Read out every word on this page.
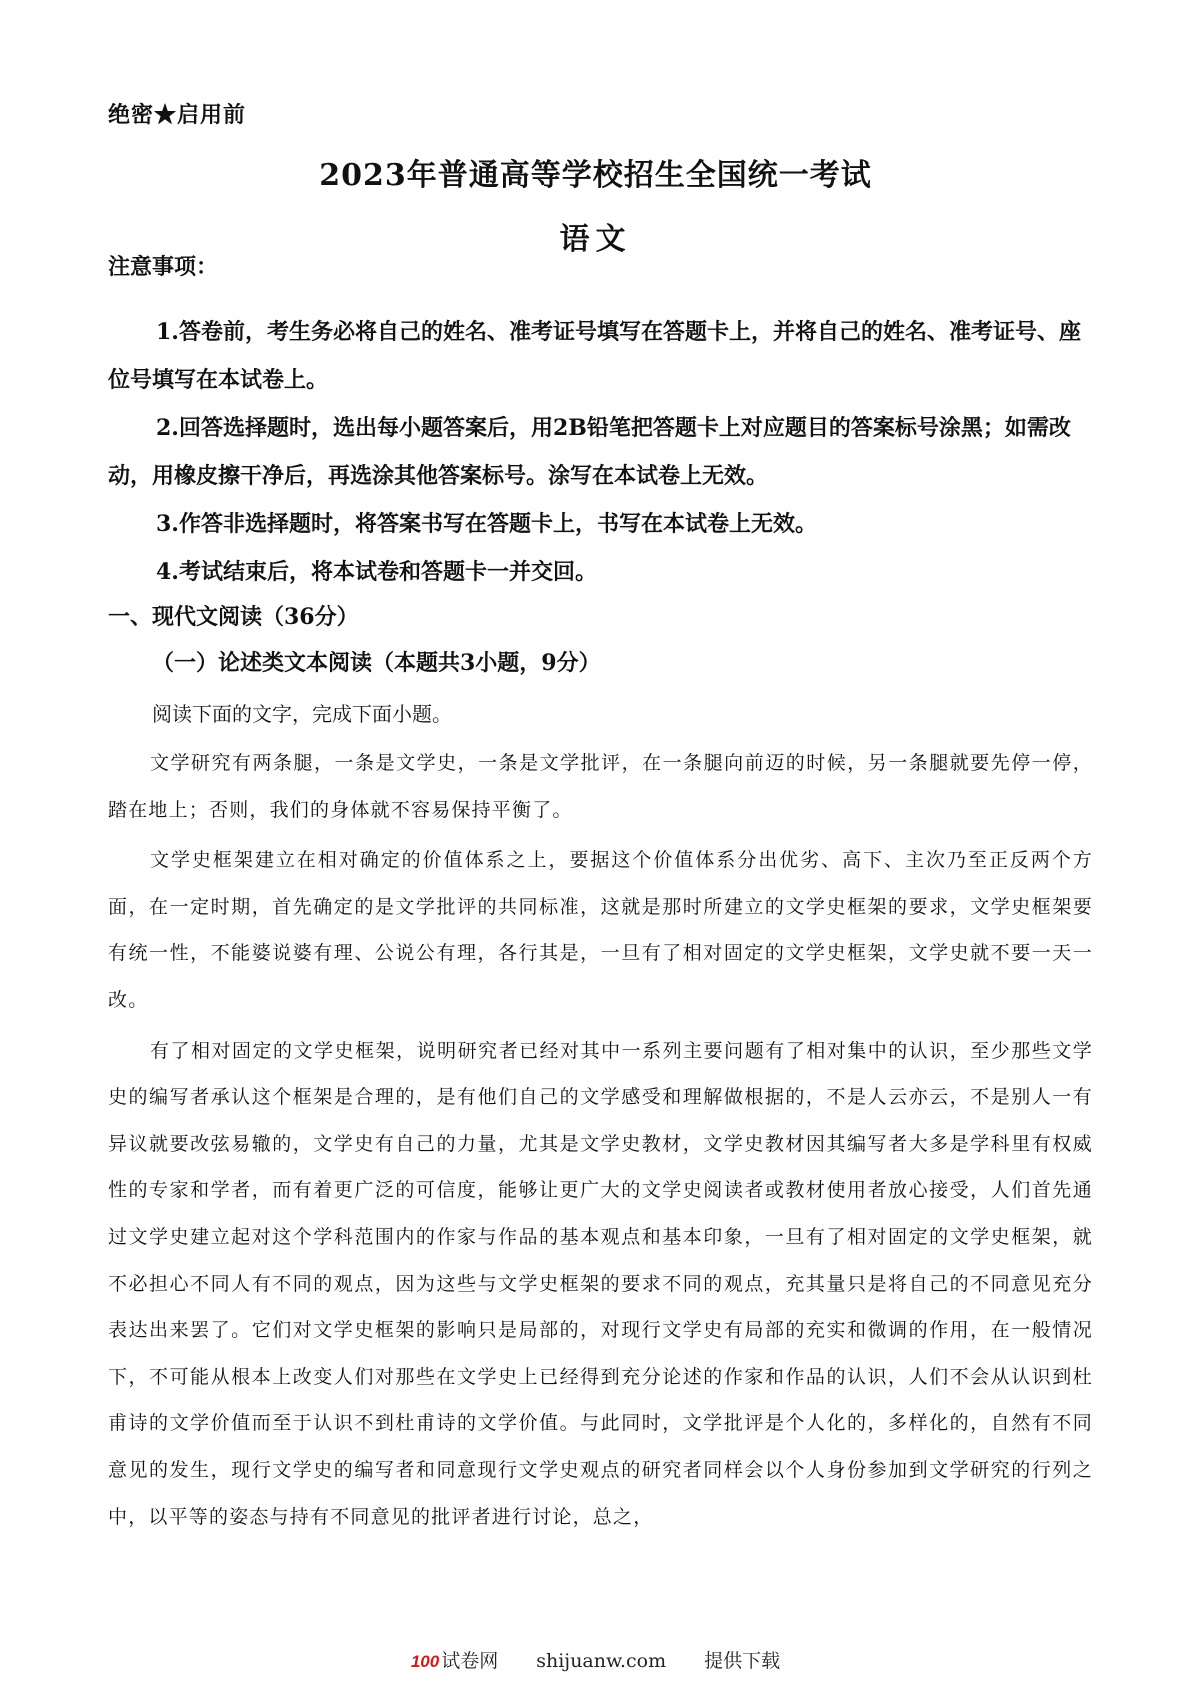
绝密★启用前
2023年普通高等学校招生全国统一考试
语文
注意事项：

1.答卷前，考生务必将自己的姓名、准考证号填写在答题卡上，并将自己的姓名、准考证号、座位号填写在本试卷上。

2.回答选择题时，选出每小题答案后，用2B铅笔把答题卡上对应题目的答案标号涂黑；如需改动，用橡皮擦干净后，再选涂其他答案标号。涂写在本试卷上无效。

3.作答非选择题时，将答案书写在答题卡上，书写在本试卷上无效。

4.考试结束后，将本试卷和答题卡一并交回。

一、现代文阅读（36分）
（一）论述类文本阅读（本题共3小题，9分）
阅读下面的文字，完成下面小题。

文学研究有两条腿，一条是文学史，一条是文学批评，在一条腿向前迈的时候，另一条腿就要先停一停，踏在地上；否则，我们的身体就不容易保持平衡了。

文学史框架建立在相对确定的价值体系之上，要据这个价值体系分出优劣、高下、主次乃至正反两个方面，在一定时期，首先确定的是文学批评的共同标准，这就是那时所建立的文学史框架的要求，文学史框架要有统一性，不能婆说婆有理、公说公有理，各行其是，一旦有了相对固定的文学史框架，文学史就不要一天一改。

有了相对固定的文学史框架，说明研究者已经对其中一系列主要问题有了相对集中的认识，至少那些文学史的编写者承认这个框架是合理的，是有他们自己的文学感受和理解做根据的，不是人云亦云，不是别人一有异议就要改弦易辙的，文学史有自己的力量，尤其是文学史教材，文学史教材因其编写者大多是学科里有权威性的专家和学者，而有着更广泛的可信度，能够让更广大的文学史阅读者或教材使用者放心接受，人们首先通过文学史建立起对这个学科范围内的作家与作品的基本观点和基本印象，一旦有了相对固定的文学史框架，就不必担心不同人有不同的观点，因为这些与文学史框架的要求不同的观点，充其量只是将自己的不同意见充分表达出来罢了。它们对文学史框架的影响只是局部的，对现行文学史有局部的充实和微调的作用，在一般情况下，不可能从根本上改变人们对那些在文学史上已经得到充分论述的作家和作品的认识，人们不会从认识到杜甫诗的文学价值而至于认识不到杜甫诗的文学价值。与此同时，文学批评是个人化的，多样化的，自然有不同意见的发生，现行文学史的编写者和同意现行文学史观点的研究者同样会以个人身份参加到文学研究的行列之中，以平等的姿态与持有不同意见的批评者进行讨论，总之，

100 试卷网 shijuanw.com 提供下载
